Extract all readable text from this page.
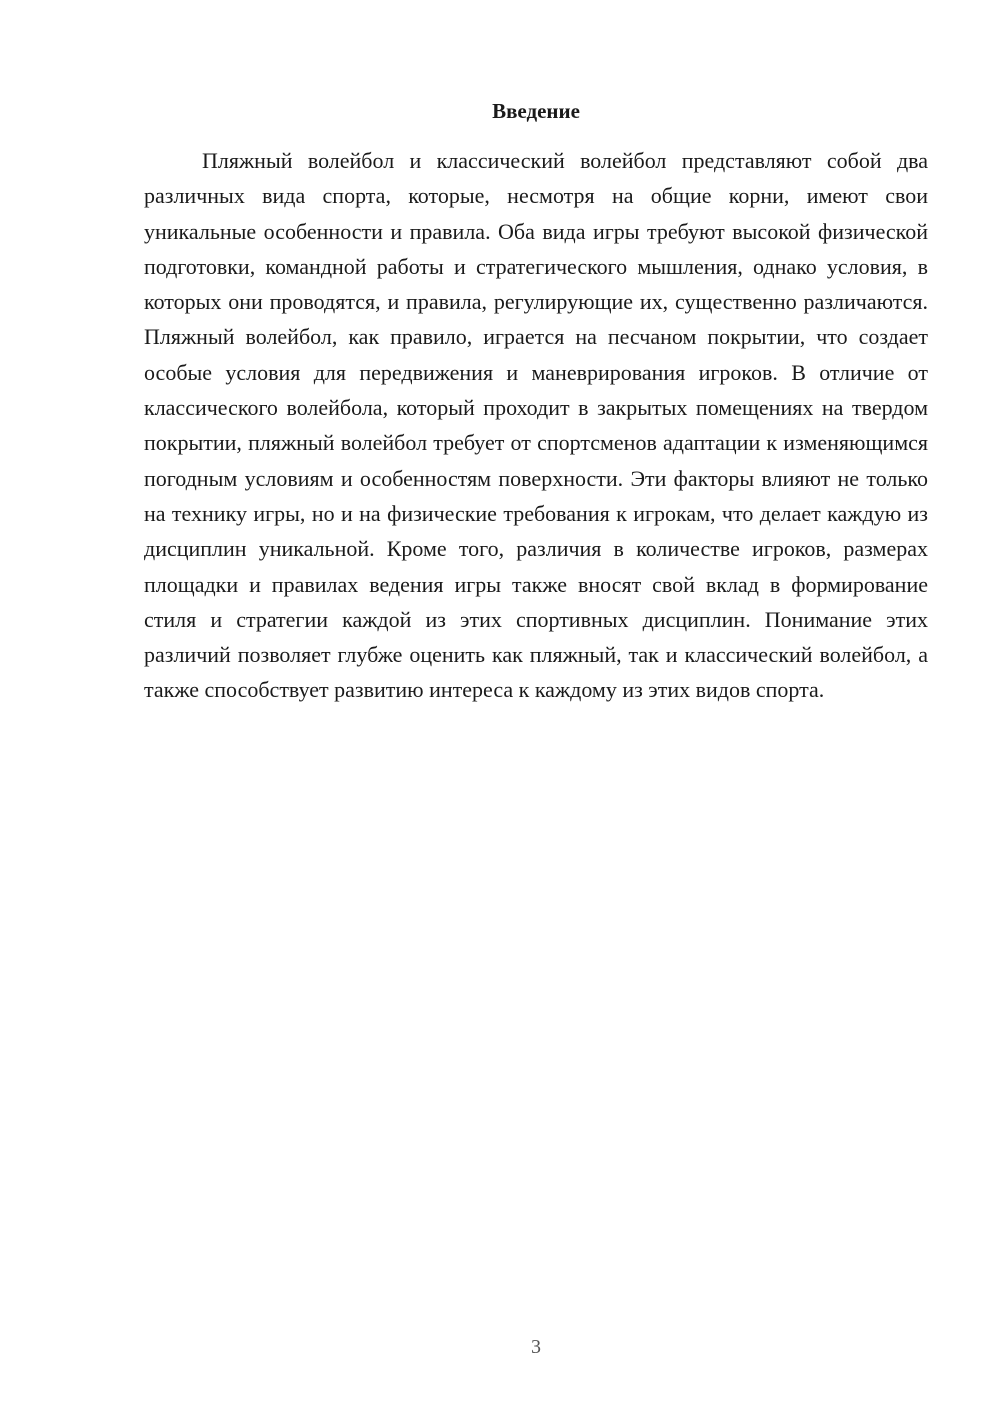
Введение

Пляжный волейбол и классический волейбол представляют собой два различных вида спорта, которые, несмотря на общие корни, имеют свои уникальные особенности и правила. Оба вида игры требуют высокой физической подготовки, командной работы и стратегического мышления, однако условия, в которых они проводятся, и правила, регулирующие их, существенно различаются. Пляжный волейбол, как правило, играется на песчаном покрытии, что создает особые условия для передвижения и маневрирования игроков. В отличие от классического волейбола, который проходит в закрытых помещениях на твердом покрытии, пляжный волейбол требует от спортсменов адаптации к изменяющимся погодным условиям и особенностям поверхности. Эти факторы влияют не только на технику игры, но и на физические требования к игрокам, что делает каждую из дисциплин уникальной. Кроме того, различия в количестве игроков, размерах площадки и правилах ведения игры также вносят свой вклад в формирование стиля и стратегии каждой из этих спортивных дисциплин. Понимание этих различий позволяет глубже оценить как пляжный, так и классический волейбол, а также способствует развитию интереса к каждому из этих видов спорта.

3
